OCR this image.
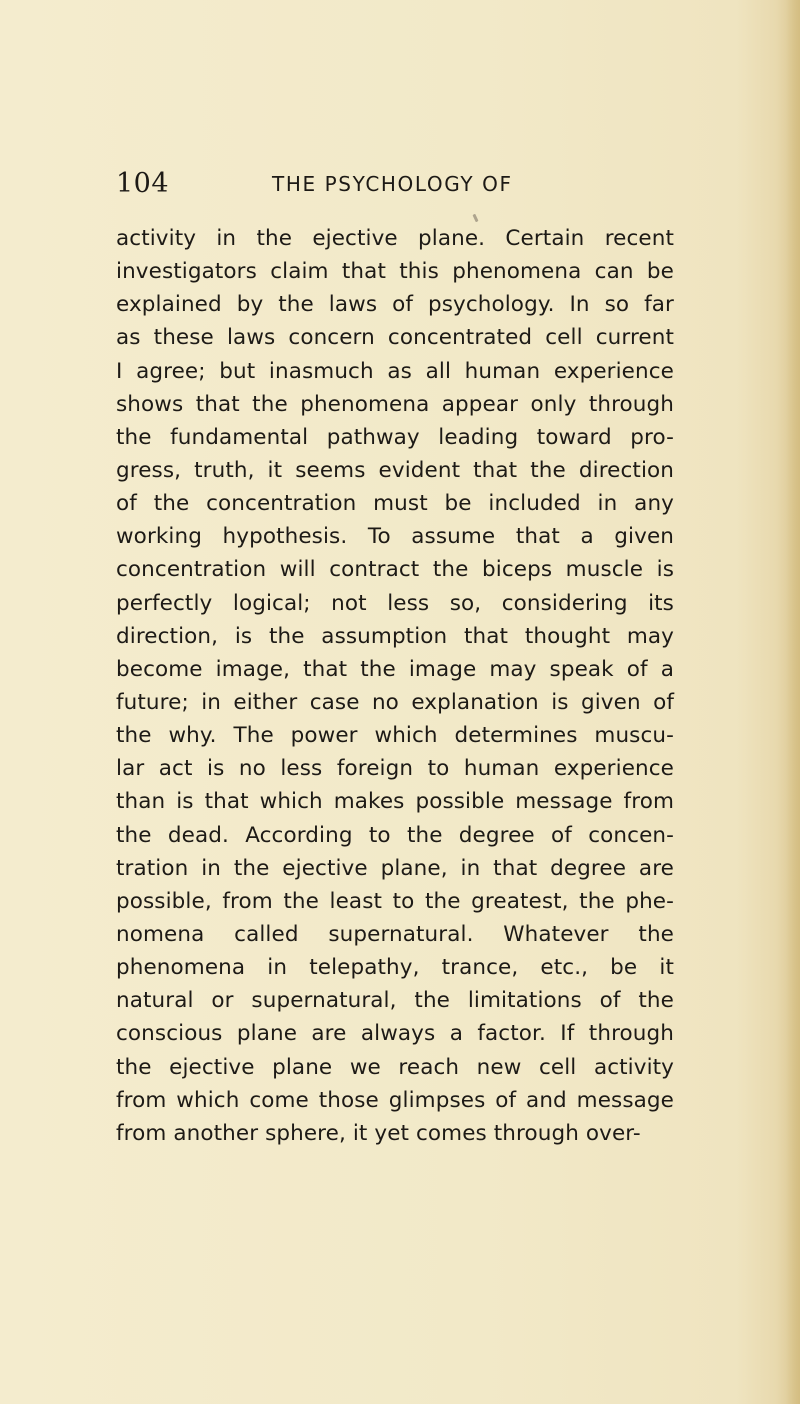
104	THE PSYCHOLOGY OF
activity in the ejective plane. Certain recent
investigators claim that this phenomena can be
explained by the laws of psychology. In so far
as these laws concern concentrated cell current
I agree; but inasmuch as all human experience
shows that the phenomena appear only through
the fundamental pathway leading toward pro-
gress, truth, it seems evident that the direction
of the concentration must be included in any
working hypothesis. To assume that a given
concentration will contract the biceps muscle is
perfectly logical; not less so, considering its
direction, is the assumption that thought may
become image, that the image may speak of a
future; in either case no explanation is given of
the why. The power which determines muscu-
lar act is no less foreign to human experience
than is that which makes possible message from
the dead. According to the degree of concen-
tration in the ejective plane, in that degree are
possible, from the least to the greatest, the phe-
nomena called supernatural. Whatever the
phenomena in telepathy, trance, etc., be it
natural or supernatural, the limitations of the
conscious plane are always a factor. If through
the ejective plane we reach new cell activity
from which come those glimpses of and message
from another sphere, it yet comes through over-
